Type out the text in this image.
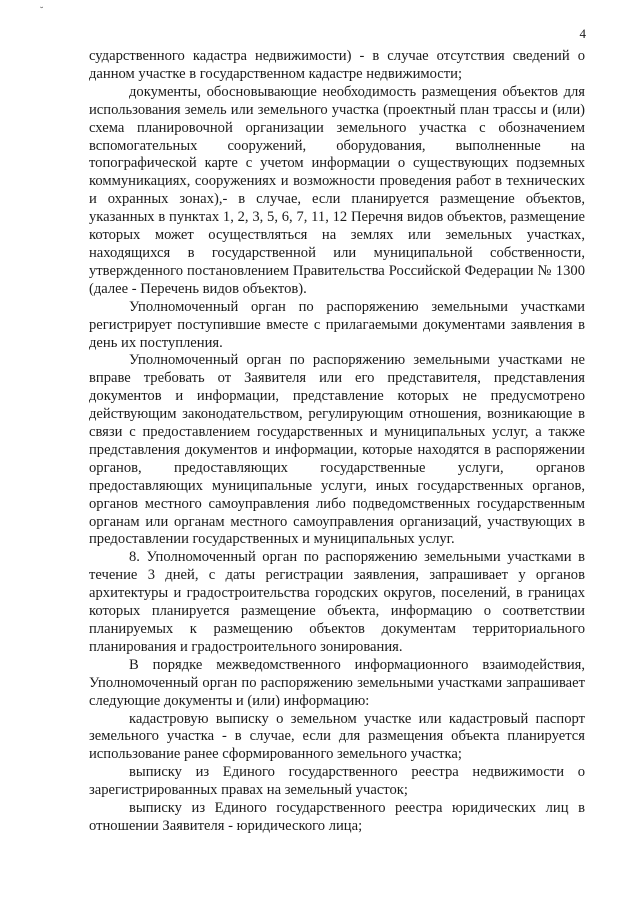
˘
4

сударственного кадастра недвижимости) - в случае отсутствия сведений о данном участке в государственном кадастре недвижимости;

документы, обосновывающие необходимость размещения объектов для использования земель или земельного участка (проектный план трассы и (или) схема планировочной организации земельного участка с обозначением вспомогательных сооружений, оборудования, выполненные на топографической карте с учетом информации о существующих подземных коммуникациях, сооружениях и возможности проведения работ в технических и охранных зонах),- в случае, если планируется размещение объектов, указанных в пунктах 1, 2, 3, 5, 6, 7, 11, 12 Перечня видов объектов, размещение которых может осуществляться на землях или земельных участках, находящихся в государственной или муниципальной собственности, утвержденного постановлением Правительства Российской Федерации № 1300 (далее - Перечень видов объектов).

Уполномоченный орган по распоряжению земельными участками регистрирует поступившие вместе с прилагаемыми документами заявления в день их поступления.

Уполномоченный орган по распоряжению земельными участками не вправе требовать от Заявителя или его представителя, представления документов и информации, представление которых не предусмотрено действующим законодательством, регулирующим отношения, возникающие в связи с предоставлением государственных и муниципальных услуг, а также представления документов и информации, которые находятся в распоряжении органов, предоставляющих государственные услуги, органов предоставляющих муниципальные услуги, иных государственных органов, органов местного самоуправления либо подведомственных государственным органам или органам местного самоуправления организаций, участвующих в предоставлении государственных и муниципальных услуг.

8. Уполномоченный орган по распоряжению земельными участками в течение 3 дней, с даты регистрации заявления, запрашивает у органов архитектуры и градостроительства городских округов, поселений, в границах которых планируется размещение объекта, информацию о соответствии планируемых к размещению объектов документам территориального планирования и градостроительного зонирования.

В порядке межведомственного информационного взаимодействия, Уполномоченный орган по распоряжению земельными участками запрашивает следующие документы и (или) информацию:

кадастровую выписку о земельном участке или кадастровый паспорт земельного участка - в случае, если для размещения объекта планируется использование ранее сформированного земельного участка;

выписку из Единого государственного реестра недвижимости о зарегистрированных правах на земельный участок;

выписку из Единого государственного реестра юридических лиц в отношении Заявителя - юридического лица;
